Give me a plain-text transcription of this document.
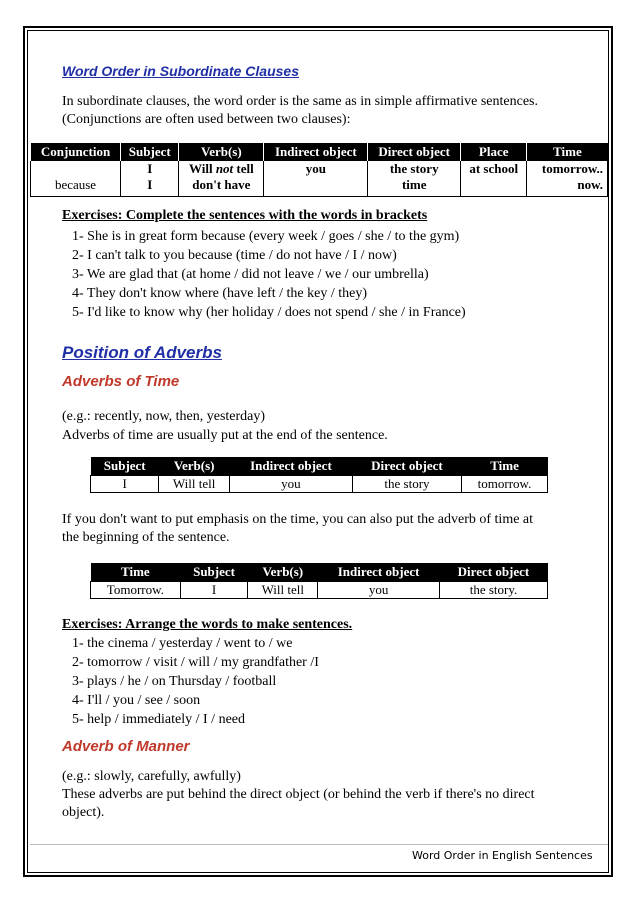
Word Order in Subordinate Clauses
In subordinate clauses, the word order is the same as in simple affirmative sentences.
(Conjunctions are often used between two clauses):
Conjunction	Subject	Verb(s)	Indirect object	Direct object	Place	Time
	I	Will not tell	you	the story	at school	tomorrow..
because	I	don't have		time		now.
Exercises: Complete the sentences with the words in brackets
1- She is in great form because (every week / goes / she / to the gym)
2- I can't talk to you because (time / do not have / I / now)
3- We are glad that (at home / did not leave / we / our umbrella)
4- They don't know where (have left / the key / they)
5- I'd like to know why (her holiday / does not spend / she / in France)
Position of Adverbs
Adverbs of Time
(e.g.: recently, now, then, yesterday)
Adverbs of time are usually put at the end of the sentence.
Subject	Verb(s)	Indirect object	Direct object	Time
I	Will tell	you	the story	tomorrow.
If you don't want to put emphasis on the time, you can also put the adverb of time at
the beginning of the sentence.
Time	Subject	Verb(s)	Indirect object	Direct object
Tomorrow.	I	Will tell	you	the story.
Exercises: Arrange the words to make sentences.
1- the cinema / yesterday / went to / we
2- tomorrow / visit / will / my grandfather /I
3- plays / he / on Thursday / football
4- I'll / you / see / soon
5- help / immediately / I / need
Adverb of Manner
(e.g.: slowly, carefully, awfully)
These adverbs are put behind the direct object (or behind the verb if there's no direct
object).
Word Order in English Sentences
